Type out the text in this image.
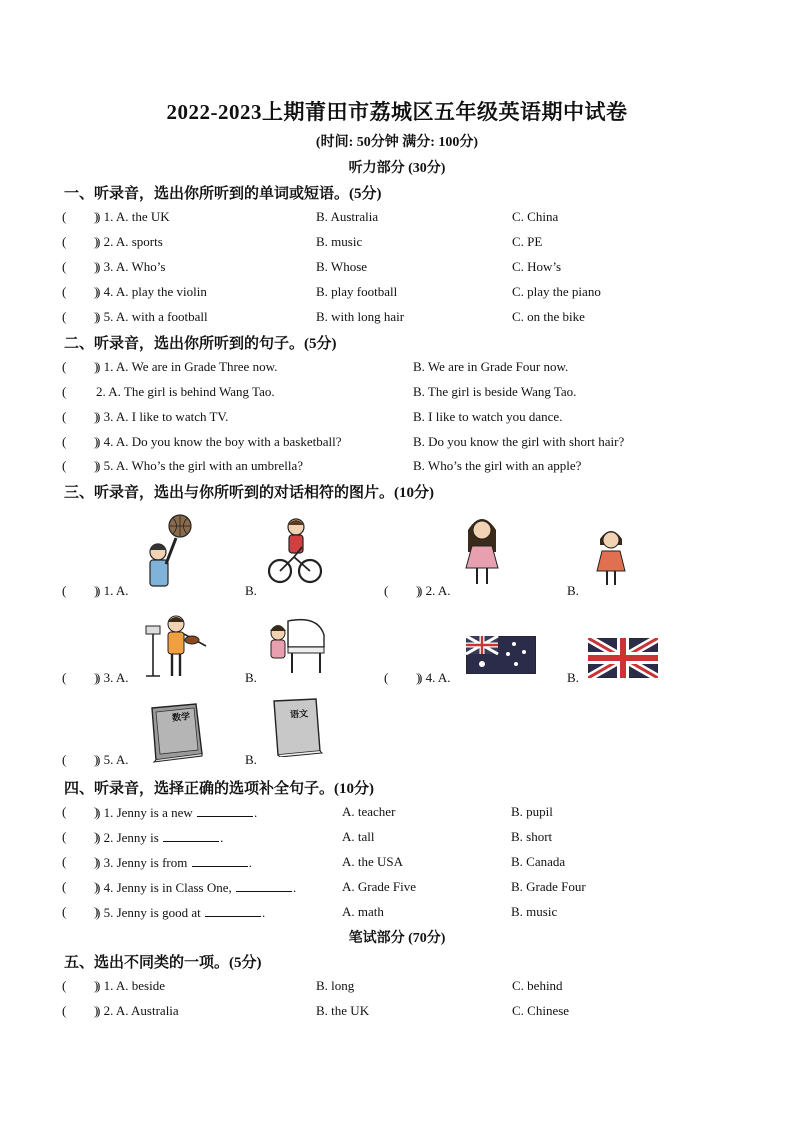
2022-2023上期莆田市荔城区五年级英语期中试卷
(时间: 50分钟 满分: 100分)
听力部分 (30分)
一、听录音，选出你所听到的单词或短语。(5分)
( )
) 1. A. the UK	B. Australia	C. China
( )
) 2. A. sports	B. music	C. PE
( )
) 3. A. Who’s	B. Whose	C. How’s
( )
) 4. A. play the violin	B. play football	C. play the piano
( )
) 5. A. with a football	B. with long hair	C. on the bike
二、听录音，选出你所听到的句子。(5分)
( )
) 1. A. We are in Grade Three now.	B. We are in Grade Four now.
( 2. A. The girl is behind Wang Tao.	B. The girl is beside Wang Tao.
( )
) 3. A. I like to watch TV.	B. I like to watch you dance.
( )
) 4. A. Do you know the boy with a basketball?	B. Do you know the girl with short hair?
( )
) 5. A. Who’s the girl with an umbrella?	B. Who’s the girl with an apple?
三、听录音，选出与你所听到的对话相符的图片。(10分)
( )
) 1. A.	B. ( )	) 2. A.	B.
( )
) 3. A.	B. ( )	) 4. A.	B.
( )
) 5. A.	B.
数学	语文
四、听录音，选择正确的选项补全句子。(10分)
( )
) 1. Jenny is a new	.	A. teacher	B. pupil
( )
) 2. Jenny is	.	A. tall	B. short
( )
) 3. Jenny is from	.	A. the USA	B. Canada
( )
) 4. Jenny is in Class One,	.	A. Grade Five	B. Grade Four
( )
) 5. Jenny is good at	.	A. math	B. music
笔试部分 (70分)
五、选出不同类的一项。(5分)
( )
) 1. A. beside	B. long	C. behind
( )
) 2. A. Australia	B. the UK	C. Chinese
